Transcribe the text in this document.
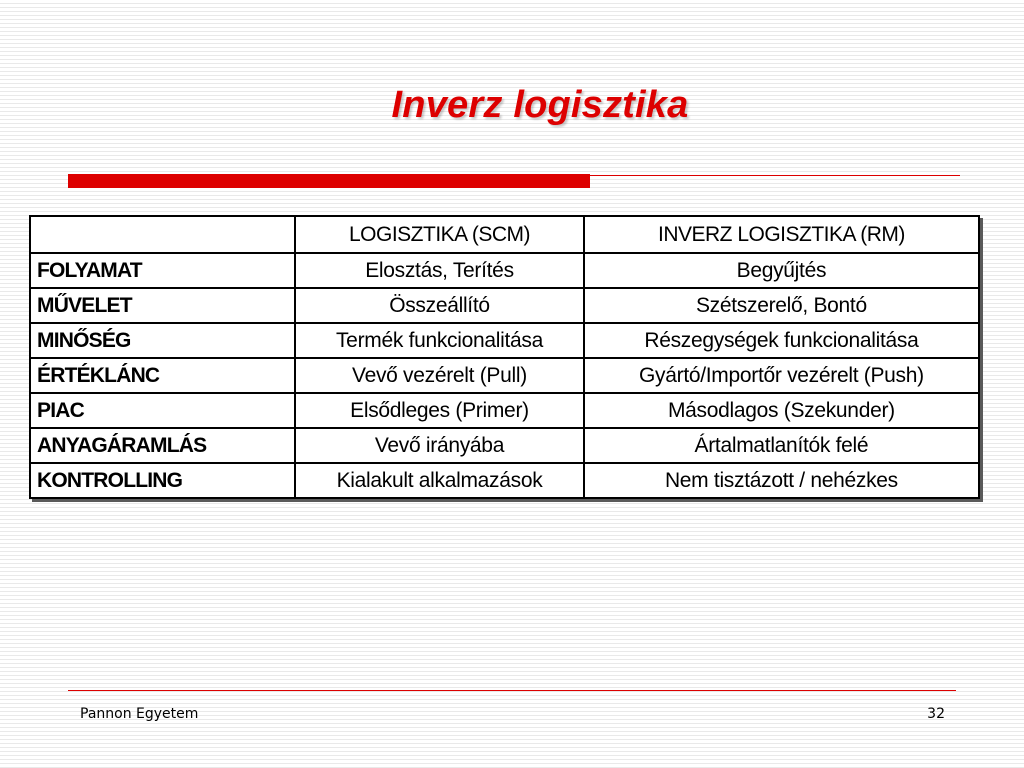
Inverz logisztika
	LOGISZTIKA (SCM)	INVERZ LOGISZTIKA (RM)
FOLYAMAT	Elosztás, Terítés	Begyűjtés
MŰVELET	Összeállító	Szétszerelő, Bontó
MINŐSÉG	Termék funkcionalitása	Részegységek funkcionalitása
ÉRTÉKLÁNC	Vevő vezérelt (Pull)	Gyártó/Importőr vezérelt (Push)
PIAC	Elsődleges (Primer)	Másodlagos (Szekunder)
ANYAGÁRAMLÁS	Vevő irányába	Ártalmatlanítók felé
KONTROLLING	Kialakult alkalmazások	Nem tisztázott / nehézkes
Pannon Egyetem	32
